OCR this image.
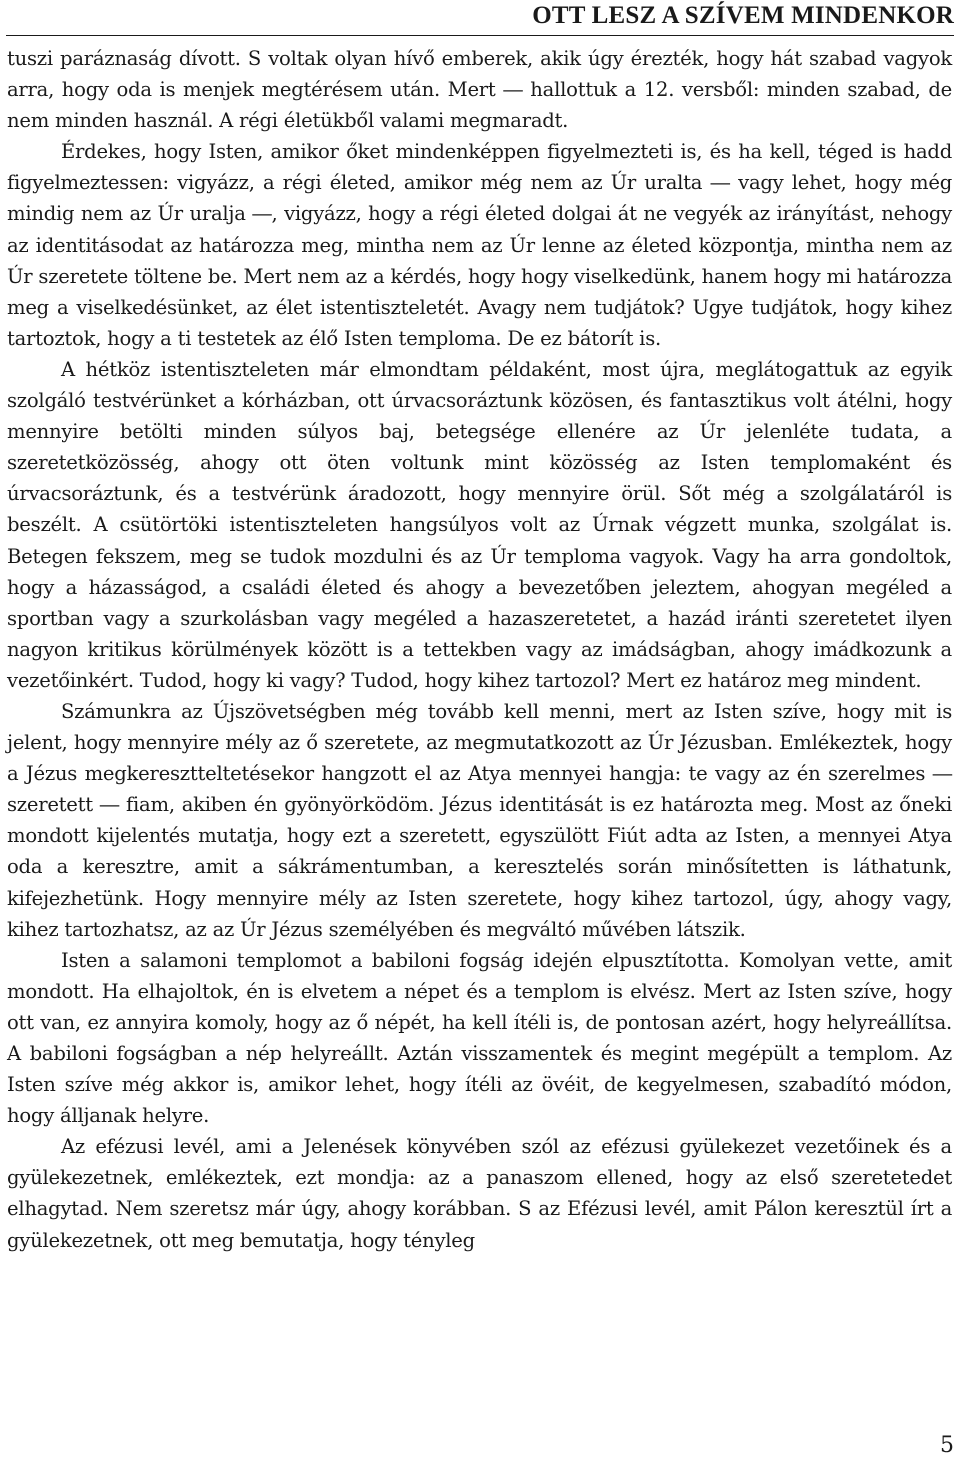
OTT LESZ A SZÍVEM MINDENKOR

tuszi paráznaság dívott. S voltak olyan hívő emberek, akik úgy érezték, hogy hát szabad vagyok arra, hogy oda is menjek megtérésem után. Mert ― hallottuk a 12. versből: minden szabad, de nem minden használ. A régi életükből valami megmaradt.

Érdekes, hogy Isten, amikor őket mindenképpen figyelmezteti is, és ha kell, téged is hadd figyelmeztessen: vigyázz, a régi életed, amikor még nem az Úr uralta ― vagy lehet, hogy még mindig nem az Úr uralja ―, vigyázz, hogy a régi életed dolgai át ne vegyék az irányítást, nehogy az identitásodat az határozza meg, mintha nem az Úr lenne az életed központja, mintha nem az Úr szeretete töltene be. Mert nem az a kérdés, hogy hogy viselkedünk, hanem hogy mi határozza meg a viselkedésünket, az élet istentiszteletét. Avagy nem tudjátok? Ugye tudjátok, hogy kihez tartoztok, hogy a ti testetek az élő Isten temploma. De ez bátorít is.

A hétköz istentiszteleten már elmondtam példaként, most újra, meglátogattuk az egyik szolgáló testvérünket a kórházban, ott úrvacsoráztunk közösen, és fantasztikus volt átélni, hogy mennyire betölti minden súlyos baj, betegsége ellenére az Úr jelenléte tudata, a szeretetközösség, ahogy ott öten voltunk mint közösség az Isten templomaként és úrvacsoráztunk, és a testvérünk áradozott, hogy mennyire örül. Sőt még a szolgálatáról is beszélt. A csütörtöki istentiszteleten hangsúlyos volt az Úrnak végzett munka, szolgálat is. Betegen fekszem, meg se tudok mozdulni és az Úr temploma vagyok. Vagy ha arra gondoltok, hogy a házasságod, a családi életed és ahogy a bevezetőben jeleztem, ahogyan megéled a sportban vagy a szurkolásban vagy megéled a hazaszeretetet, a hazád iránti szeretetet ilyen nagyon kritikus körülmények között is a tettekben vagy az imádságban, ahogy imádkozunk a vezetőinkért. Tudod, hogy ki vagy? Tudod, hogy kihez tartozol? Mert ez határoz meg mindent.

Számunkra az Újszövetségben még tovább kell menni, mert az Isten szíve, hogy mit is jelent, hogy mennyire mély az ő szeretete, az megmutatkozott az Úr Jézusban. Emlékeztek, hogy a Jézus megkeresztteltetésekor hangzott el az Atya mennyei hangja: te vagy az én szerelmes ― szeretett ― fiam, akiben én gyönyörködöm. Jézus identitását is ez határozta meg. Most az őneki mondott kijelentés mutatja, hogy ezt a szeretett, egyszülött Fiút adta az Isten, a mennyei Atya oda a keresztre, amit a sákrámentumban, a keresztelés során minősítetten is láthatunk, kifejezhetünk. Hogy mennyire mély az Isten szeretete, hogy kihez tartozol, úgy, ahogy vagy, kihez tartozhatsz, az az Úr Jézus személyében és megváltó művében látszik.

Isten a salamoni templomot a babiloni fogság idején elpusztította. Komolyan vette, amit mondott. Ha elhajoltok, én is elvetem a népet és a templom is elvész. Mert az Isten szíve, hogy ott van, ez annyira komoly, hogy az ő népét, ha kell ítéli is, de pontosan azért, hogy helyreállítsa. A babiloni fogságban a nép helyreállt. Aztán visszamentek és megint megépült a templom. Az Isten szíve még akkor is, amikor lehet, hogy ítéli az övéit, de kegyelmesen, szabadító módon, hogy álljanak helyre.

Az efézusi levél, ami a Jelenések könyvében szól az efézusi gyülekezet vezetőinek és a gyülekezetnek, emlékeztek, ezt mondja: az a panaszom ellened, hogy az első szeretetedet elhagytad. Nem szeretsz már úgy, ahogy korábban. S az Efézusi levél, amit Pálon keresztül írt a gyülekezetnek, ott meg bemutatja, hogy tényleg

5
